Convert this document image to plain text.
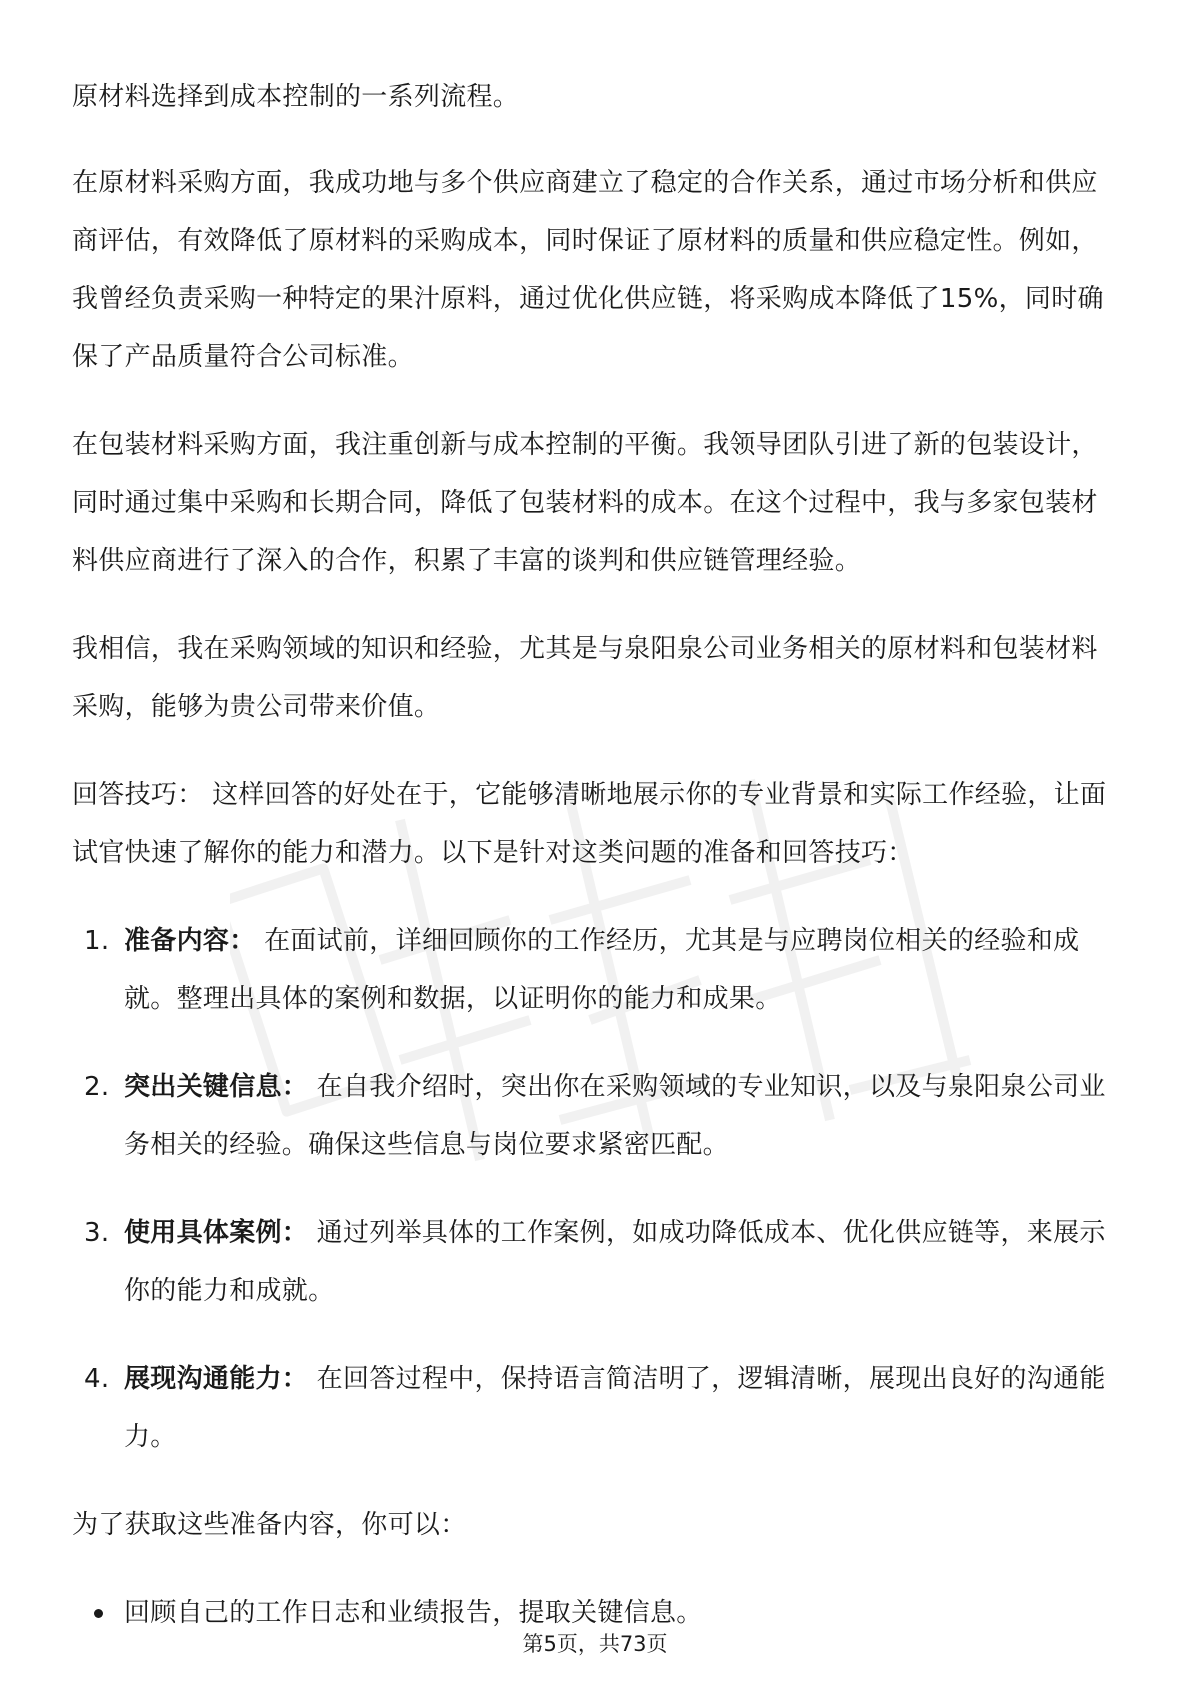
原材料选择到成本控制的一系列流程。

在原材料采购方面，我成功地与多个供应商建立了稳定的合作关系，通过市场分析和供应商评估，有效降低了原材料的采购成本，同时保证了原材料的质量和供应稳定性。例如，我曾经负责采购一种特定的果汁原料，通过优化供应链，将采购成本降低了15%，同时确保了产品质量符合公司标准。

在包装材料采购方面，我注重创新与成本控制的平衡。我领导团队引进了新的包装设计，同时通过集中采购和长期合同，降低了包装材料的成本。在这个过程中，我与多家包装材料供应商进行了深入的合作，积累了丰富的谈判和供应链管理经验。

我相信，我在采购领域的知识和经验，尤其是与泉阳泉公司业务相关的原材料和包装材料采购，能够为贵公司带来价值。

回答技巧： 这样回答的好处在于，它能够清晰地展示你的专业背景和实际工作经验，让面试官快速了解你的能力和潜力。以下是针对这类问题的准备和回答技巧：

1. 准备内容： 在面试前，详细回顾你的工作经历，尤其是与应聘岗位相关的经验和成就。整理出具体的案例和数据，以证明你的能力和成果。
2. 突出关键信息： 在自我介绍时，突出你在采购领域的专业知识，以及与泉阳泉公司业务相关的经验。确保这些信息与岗位要求紧密匹配。
3. 使用具体案例： 通过列举具体的工作案例，如成功降低成本、优化供应链等，来展示你的能力和成就。
4. 展现沟通能力： 在回答过程中，保持语言简洁明了，逻辑清晰，展现出良好的沟通能力。

为了获取这些准备内容，你可以：

回顾自己的工作日志和业绩报告，提取关键信息。
第5页，共73页
